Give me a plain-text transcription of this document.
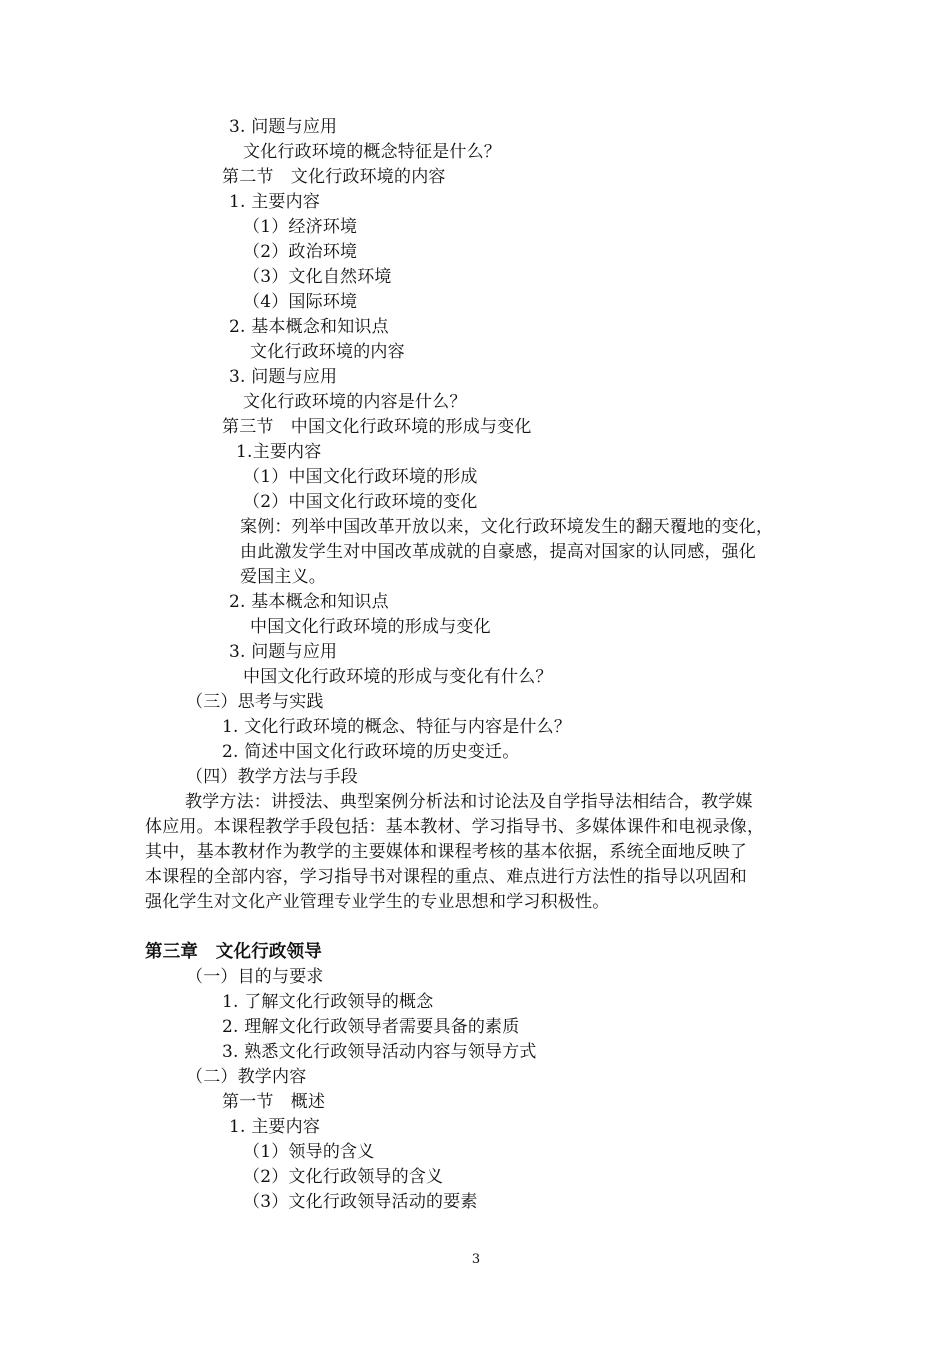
3. 问题与应用
文化行政环境的概念特征是什么？
第二节　文化行政环境的内容
1. 主要内容
（1）经济环境
（2）政治环境
（3）文化自然环境
（4）国际环境
2. 基本概念和知识点
文化行政环境的内容
3. 问题与应用
文化行政环境的内容是什么？
第三节　中国文化行政环境的形成与变化
1.主要内容
（1）中国文化行政环境的形成
（2）中国文化行政环境的变化
案例：列举中国改革开放以来，文化行政环境发生的翻天覆地的变化，
由此激发学生对中国改革成就的自豪感，提高对国家的认同感，强化
爱国主义。
2. 基本概念和知识点
中国文化行政环境的形成与变化
3. 问题与应用
中国文化行政环境的形成与变化有什么？
（三）思考与实践
1. 文化行政环境的概念、特征与内容是什么？
2. 简述中国文化行政环境的历史变迁。
（四）教学方法与手段
教学方法：讲授法、典型案例分析法和讨论法及自学指导法相结合，教学媒
体应用。本课程教学手段包括：基本教材、学习指导书、多媒体课件和电视录像，
其中，基本教材作为教学的主要媒体和课程考核的基本依据，系统全面地反映了
本课程的全部内容，学习指导书对课程的重点、难点进行方法性的指导以巩固和
强化学生对文化产业管理专业学生的专业思想和学习积极性。
第三章　文化行政领导
（一）目的与要求
1. 了解文化行政领导的概念
2. 理解文化行政领导者需要具备的素质
3. 熟悉文化行政领导活动内容与领导方式
（二）教学内容
第一节　概述
1. 主要内容
（1）领导的含义
（2）文化行政领导的含义
（3）文化行政领导活动的要素
3
